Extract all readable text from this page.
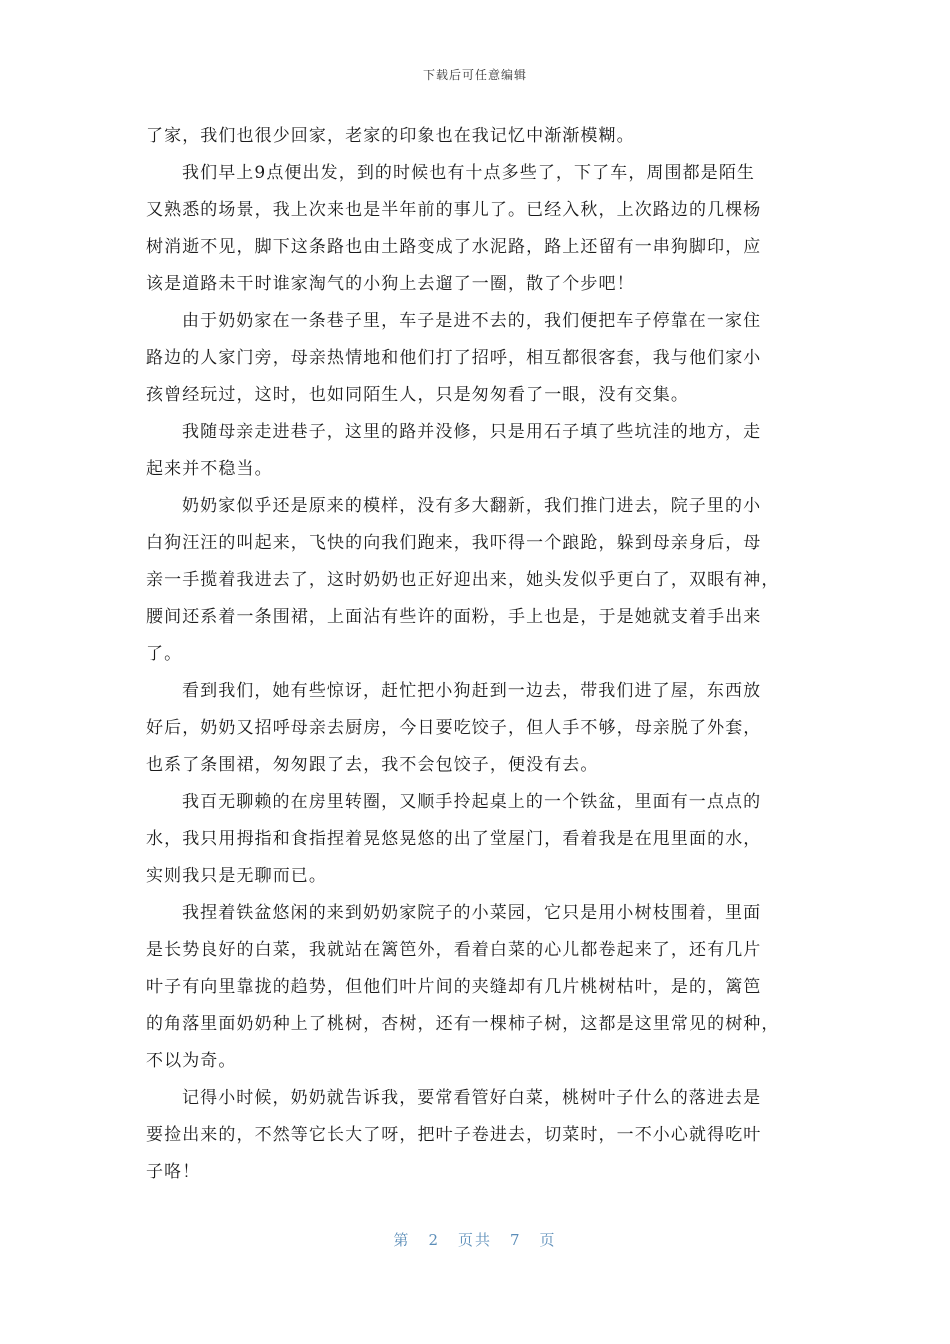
下载后可任意编辑
了家，我们也很少回家，老家的印象也在我记忆中渐渐模糊。
我们早上9点便出发，到的时候也有十点多些了，下了车，周围都是陌生
又熟悉的场景，我上次来也是半年前的事儿了。已经入秋，上次路边的几棵杨
树消逝不见，脚下这条路也由土路变成了水泥路，路上还留有一串狗脚印，应
该是道路未干时谁家淘气的小狗上去遛了一圈，散了个步吧！
由于奶奶家在一条巷子里，车子是进不去的，我们便把车子停靠在一家住
路边的人家门旁，母亲热情地和他们打了招呼，相互都很客套，我与他们家小
孩曾经玩过，这时，也如同陌生人，只是匆匆看了一眼，没有交集。
我随母亲走进巷子，这里的路并没修，只是用石子填了些坑洼的地方，走
起来并不稳当。
奶奶家似乎还是原来的模样，没有多大翻新，我们推门进去，院子里的小
白狗汪汪的叫起来，飞快的向我们跑来，我吓得一个踉跄，躲到母亲身后，母
亲一手揽着我进去了，这时奶奶也正好迎出来，她头发似乎更白了，双眼有神，
腰间还系着一条围裙，上面沾有些许的面粉，手上也是，于是她就支着手出来
了。
看到我们，她有些惊讶，赶忙把小狗赶到一边去，带我们进了屋，东西放
好后，奶奶又招呼母亲去厨房，今日要吃饺子，但人手不够，母亲脱了外套，
也系了条围裙，匆匆跟了去，我不会包饺子，便没有去。
我百无聊赖的在房里转圈，又顺手拎起桌上的一个铁盆，里面有一点点的
水，我只用拇指和食指捏着晃悠晃悠的出了堂屋门，看着我是在甩里面的水，
实则我只是无聊而已。
我捏着铁盆悠闲的来到奶奶家院子的小菜园，它只是用小树枝围着，里面
是长势良好的白菜，我就站在篱笆外，看着白菜的心儿都卷起来了，还有几片
叶子有向里靠拢的趋势，但他们叶片间的夹缝却有几片桃树枯叶，是的，篱笆
的角落里面奶奶种上了桃树，杏树，还有一棵柿子树，这都是这里常见的树种，
不以为奇。
记得小时候，奶奶就告诉我，要常看管好白菜，桃树叶子什么的落进去是
要捡出来的，不然等它长大了呀，把叶子卷进去，切菜时，一不小心就得吃叶
子咯！
第 2 页共 7 页
